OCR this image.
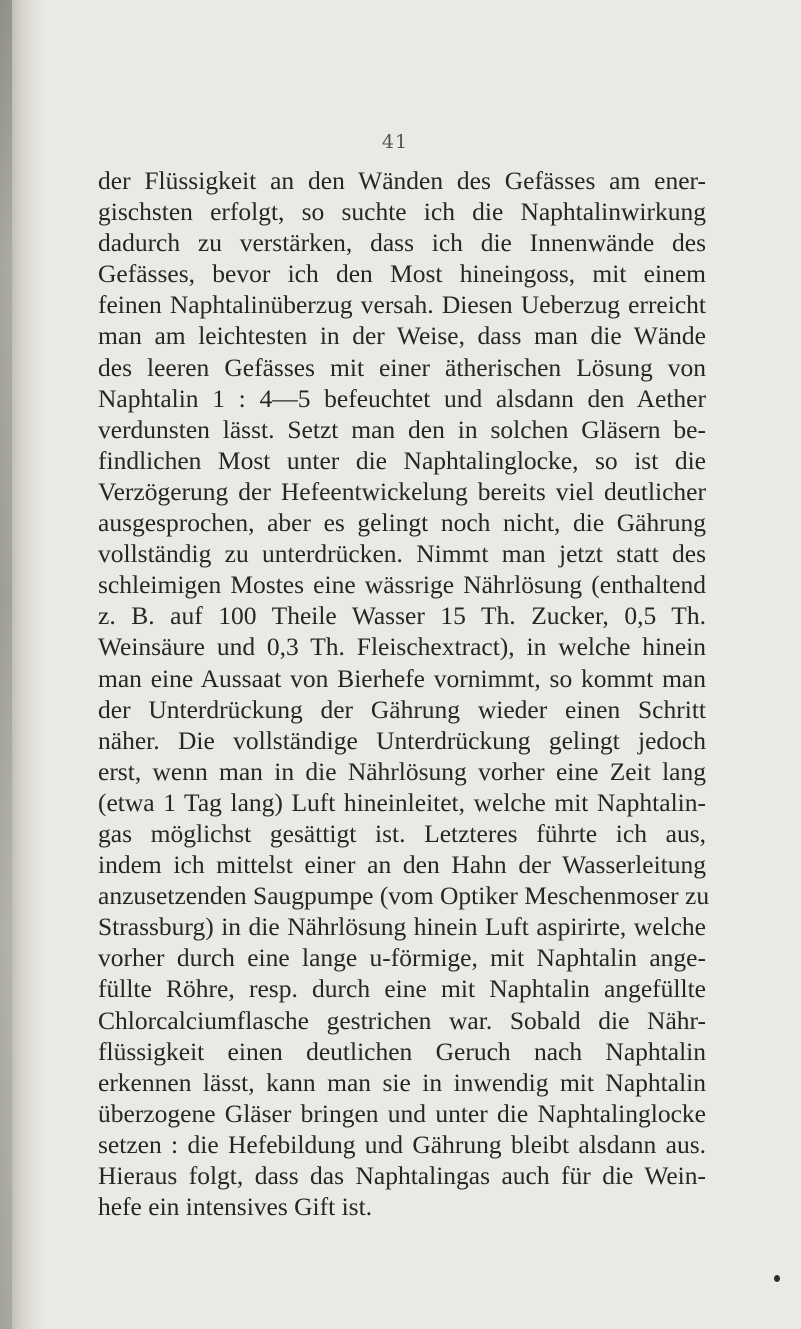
41
der Flüssigkeit an den Wänden des Gefässes am ener-
gischsten erfolgt, so suchte ich die Naphtalinwirkung
dadurch zu verstärken, dass ich die Innenwände des
Gefässes, bevor ich den Most hineingoss, mit einem
feinen Naphtalinüberzug versah. Diesen Ueberzug erreicht
man am leichtesten in der Weise, dass man die Wände
des leeren Gefässes mit einer ätherischen Lösung von
Naphtalin 1 : 4—5 befeuchtet und alsdann den Aether
verdunsten lässt. Setzt man den in solchen Gläsern be-
findlichen Most unter die Naphtalinglocke, so ist die
Verzögerung der Hefeentwickelung bereits viel deutlicher
ausgesprochen, aber es gelingt noch nicht, die Gährung
vollständig zu unterdrücken. Nimmt man jetzt statt des
schleimigen Mostes eine wässrige Nährlösung (enthaltend
z. B. auf 100 Theile Wasser 15 Th. Zucker, 0,5 Th.
Weinsäure und 0,3 Th. Fleischextract), in welche hinein
man eine Aussaat von Bierhefe vornimmt, so kommt man
der Unterdrückung der Gährung wieder einen Schritt
näher. Die vollständige Unterdrückung gelingt jedoch
erst, wenn man in die Nährlösung vorher eine Zeit lang
(etwa 1 Tag lang) Luft hineinleitet, welche mit Naphtalin-
gas möglichst gesättigt ist. Letzteres führte ich aus,
indem ich mittelst einer an den Hahn der Wasserleitung
anzusetzenden Saugpumpe (vom Optiker Meschenmoser zu
Strassburg) in die Nährlösung hinein Luft aspirirte, welche
vorher durch eine lange u-förmige, mit Naphtalin ange-
füllte Röhre, resp. durch eine mit Naphtalin angefüllte
Chlorcalciumflasche gestrichen war. Sobald die Nähr-
flüssigkeit einen deutlichen Geruch nach Naphtalin
erkennen lässt, kann man sie in inwendig mit Naphtalin
überzogene Gläser bringen und unter die Naphtalinglocke
setzen : die Hefebildung und Gährung bleibt alsdann aus.
Hieraus folgt, dass das Naphtalingas auch für die Wein-
hefe ein intensives Gift ist.
